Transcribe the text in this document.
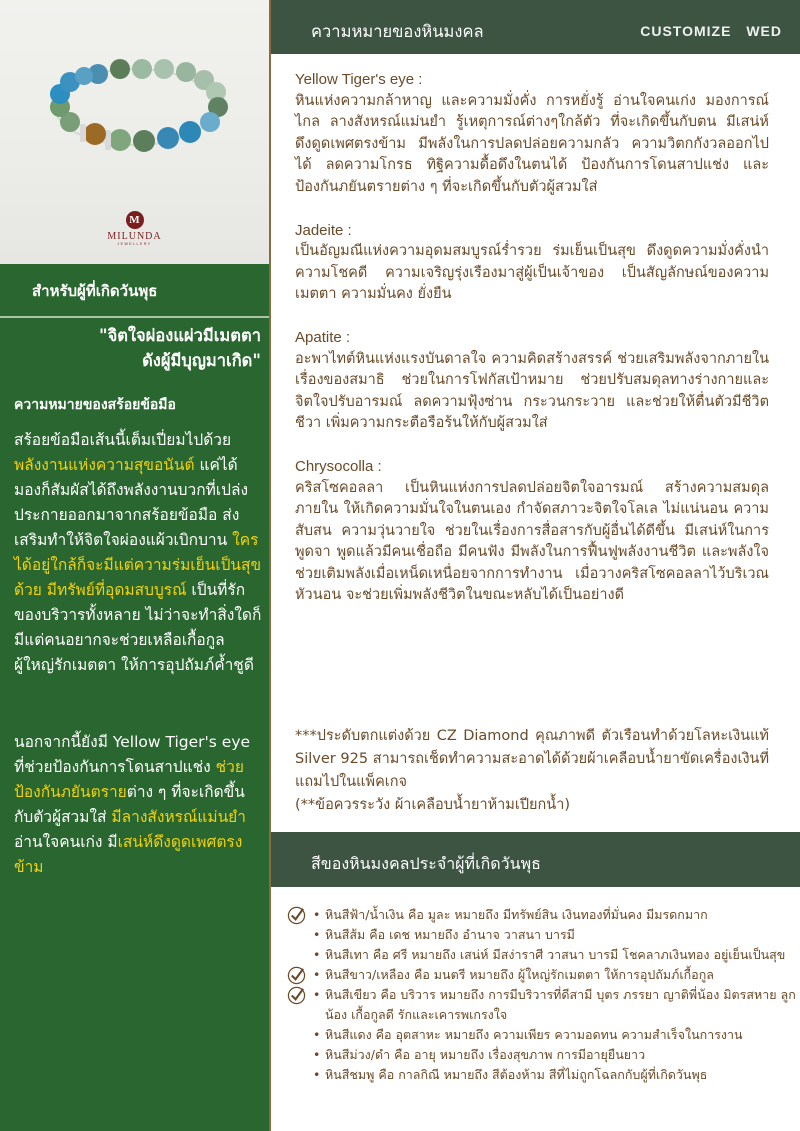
M
MILUNDA
JEWELLERY
สำหรับผู้ที่เกิดวันพุธ
"จิตใจผ่องแผ่วมีเมตตา
ดังผู้มีบุญมาเกิด"
ความหมายของสร้อยข้อมือ
สร้อยข้อมือเส้นนี้เต็มเปี่ยมไปด้วย พลังงานแห่งความสุขอนันต์ แค่ได้มองก็สัมผัสได้ถึงพลังงานบวกที่เปล่งประกายออกมาจากสร้อยข้อมือ ส่งเสริมทำให้จิตใจผ่องแผ้วเบิกบาน ใครได้อยู่ใกล้ก็จะมีแต่ความร่มเย็นเป็นสุขด้วย มีทรัพย์ที่อุดมสบบูรณ์ เป็นที่รักของบริวารทั้งหลาย ไม่ว่าจะทำสิ่งใดก็มีแต่คนอยากจะช่วยเหลือเกื้อกูล ผู้ใหญ่รักเมตตา ให้การอุปถัมภ์ค้ำชูดี
นอกจากนี้ยังมี Yellow Tiger's eye ที่ช่วยป้องกันการโดนสาปแช่ง ช่วยป้องกันภยันตรายต่าง ๆ ที่จะเกิดขึ้นกับตัวผู้สวมใส่ มีลางสังหรณ์แม่นยำ อ่านใจคนเก่ง มีเสน่ห์ดึงดูดเพศตรงข้าม
ความหมายของหินมงคล	CUSTOMIZE WED
Yellow Tiger's eye :
หินแห่งความกล้าหาญ และความมั่งคั่ง การหยั่งรู้ อ่านใจคนเก่ง มองการณ์ไกล ลางสังหรณ์แม่นยำ รู้เหตุการณ์ต่างๆใกล้ตัว ที่จะเกิดขึ้นกับตน มีเสน่ห์ดึงดูดเพศตรงข้าม มีพลังในการปลดปล่อยความกลัว ความวิตกกังวลออกไปได้ ลดความโกรธ ทิฐิความดื้อดึงในตนได้ ป้องกันการโดนสาปแช่ง และป้องกันภยันตรายต่าง ๆ ที่จะเกิดขึ้นกับตัวผู้สวมใส่
Jadeite :
เป็นอัญมณีแห่งความอุดมสมบูรณ์ร่ำรวย ร่มเย็นเป็นสุข ดึงดูดความมั่งคั่งนำความโชคดี ความเจริญรุ่งเรืองมาสู่ผู้เป็นเจ้าของ เป็นสัญลักษณ์ของความเมตตา ความมั่นคง ยั่งยืน
Apatite :
อะพาไทต์หินแห่งแรงบันดาลใจ ความคิดสร้างสรรค์ ช่วยเสริมพลังจากภายในเรื่องของสมาธิ ช่วยในการโฟกัสเป้าหมาย ช่วยปรับสมดุลทางร่างกายและจิตใจปรับอารมณ์ ลดความฟุ้งซ่าน กระวนกระวาย และช่วยให้ตื่นตัวมีชีวิตชีวา เพิ่มความกระตือรือร้นให้กับผู้สวมใส่
Chrysocolla :
คริสโซคอลลา เป็นหินแห่งการปลดปล่อยจิตใจอารมณ์ สร้างความสมดุลภายใน ให้เกิดความมั่นใจในตนเอง กำจัดสภาวะจิตใจโลเล ไม่แน่นอน ความสับสน ความวุ่นวายใจ ช่วยในเรื่องการสื่อสารกับผู้อื่นได้ดีขึ้น มีเสน่ห์ในการพูดจา พูดแล้วมีคนเชื่อถือ มีคนฟัง มีพลังในการฟื้นฟูพลังงานชีวิต และพลังใจ ช่วยเติมพลังเมื่อเหน็ดเหนื่อยจากการทำงาน เมื่อวางคริสโซคอลลาไว้บริเวณหัวนอน จะช่วยเพิ่มพลังชีวิตในขณะหลับได้เป็นอย่างดี
***ประดับตกแต่งด้วย CZ Diamond คุณภาพดี ตัวเรือนทำด้วยโลหะเงินแท้ Silver 925 สามารถเช็ดทำความสะอาดได้ด้วยผ้าเคลือบน้ำยาขัดเครื่องเงินที่แถมไปในแพ็คเกจ
(**ข้อควรระวัง ผ้าเคลือบน้ำยาห้ามเปียกน้ำ)
สีของหินมงคลประจำผู้ที่เกิดวันพุธ
• หินสีฟ้า/น้ำเงิน คือ มูละ หมายถึง มีทรัพย์สิน เงินทองที่มั่นคง มีมรดกมาก
• หินสีส้ม คือ เดช หมายถึง อำนาจ วาสนา บารมี
• หินสีเทา คือ ศรี หมายถึง เสน่ห์ มีสง่าราศี วาสนา บารมี โชคลาภเงินทอง อยู่เย็นเป็นสุข
• หินสีขาว/เหลือง คือ มนตรี หมายถึง ผู้ใหญ่รักเมตตา ให้การอุปถัมภ์เกื้อกูล
• หินสีเขียว คือ บริวาร หมายถึง การมีบริวารที่ดีสามี บุตร ภรรยา ญาติพี่น้อง มิตรสหาย ลูกน้อง เกื้อกูลดี รักและเคารพเกรงใจ
• หินสีแดง คือ อุตสาหะ หมายถึง ความเพียร ความอดทน ความสำเร็จในการงาน
• หินสีม่วง/ดำ คือ อายุ หมายถึง เรื่องสุขภาพ การมีอายุยืนยาว
• หินสีชมพู คือ กาลกิณี หมายถึง สีต้องห้าม สีที่ไม่ถูกโฉลกกับผู้ที่เกิดวันพุธ
